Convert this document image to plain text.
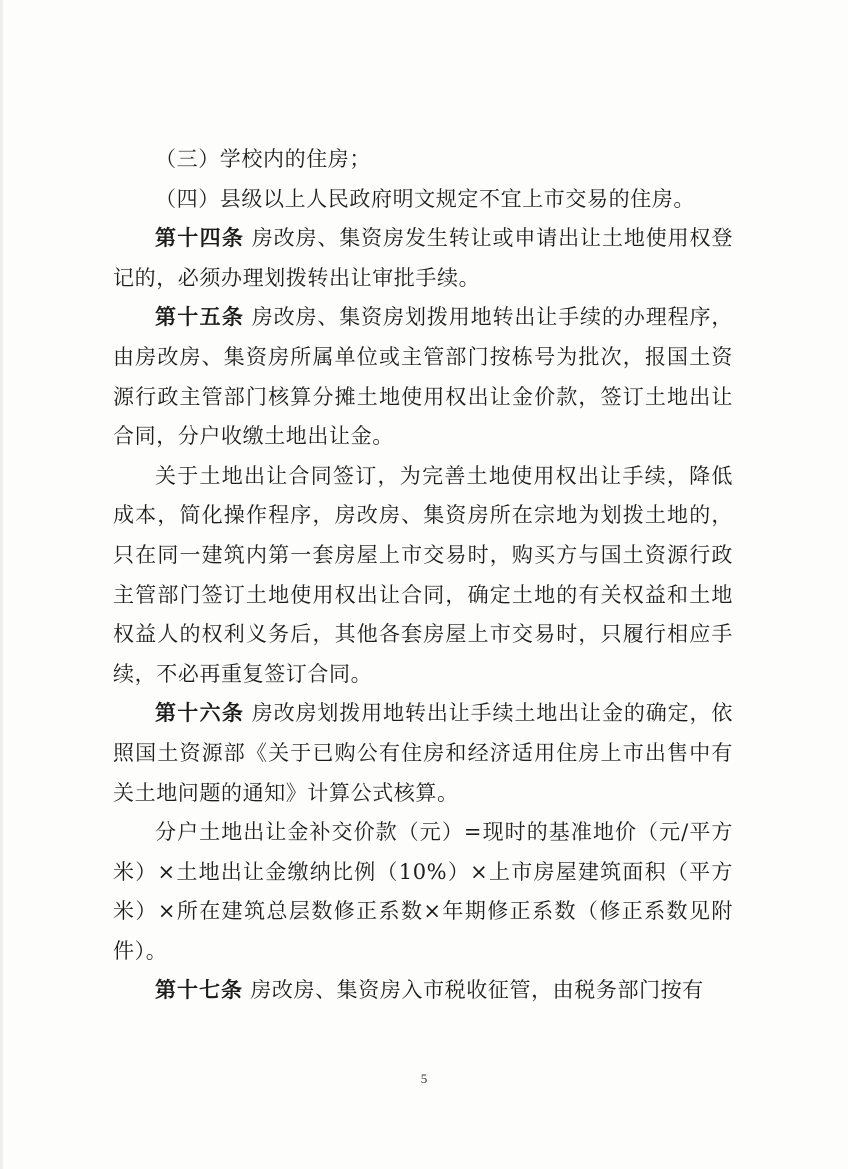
（三）学校内的住房；

（四）县级以上人民政府明文规定不宜上市交易的住房。

第十四条 房改房、集资房发生转让或申请出让土地使用权登记的，必须办理划拨转出让审批手续。

第十五条 房改房、集资房划拨用地转出让手续的办理程序，由房改房、集资房所属单位或主管部门按栋号为批次，报国土资源行政主管部门核算分摊土地使用权出让金价款，签订土地出让合同，分户收缴土地出让金。

关于土地出让合同签订，为完善土地使用权出让手续，降低成本，简化操作程序，房改房、集资房所在宗地为划拨土地的，只在同一建筑内第一套房屋上市交易时，购买方与国土资源行政主管部门签订土地使用权出让合同，确定土地的有关权益和土地权益人的权利义务后，其他各套房屋上市交易时，只履行相应手续，不必再重复签订合同。

第十六条 房改房划拨用地转出让手续土地出让金的确定，依照国土资源部《关于已购公有住房和经济适用住房上市出售中有关土地问题的通知》计算公式核算。

分户土地出让金补交价款（元）=现时的基准地价（元/平方米）×土地出让金缴纳比例（10%）×上市房屋建筑面积（平方米）×所在建筑总层数修正系数×年期修正系数（修正系数见附件）。

第十七条 房改房、集资房入市税收征管，由税务部门按有

5
